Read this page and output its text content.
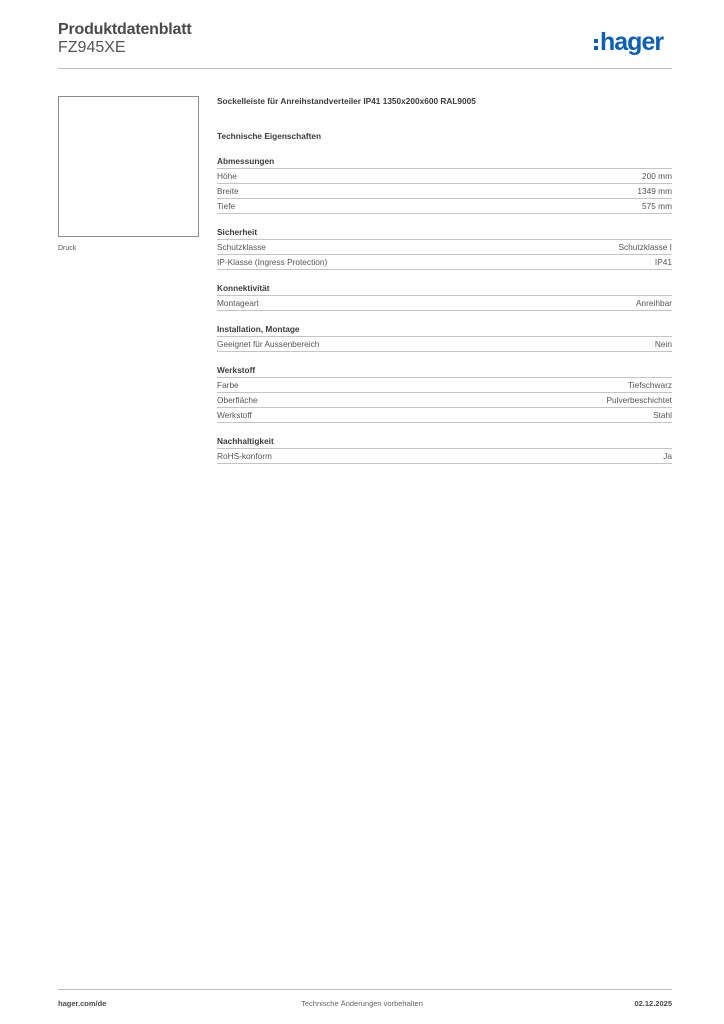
Produktdatenblatt
FZ945XE	hager
Druck
Sockelleiste für Anreihstandverteiler IP41 1350x200x600 RAL9005
Technische Eigenschaften
Abmessungen
Höhe	200 mm
Breite	1349 mm
Tiefe	575 mm
Sicherheit
Schutzklasse	Schutzklasse I
IP-Klasse (Ingress Protection)	IP41
Konnektivität
Montageart	Anreihbar
Installation, Montage
Geeignet für Aussenbereich	Nein
Werkstoff
Farbe	Tiefschwarz
Oberfläche	Pulverbeschichtet
Werkstoff	Stahl
Nachhaltigkeit
RoHS-konform	Ja
hager.com/de	Technische Änderungen vorbehalten	02.12.2025
